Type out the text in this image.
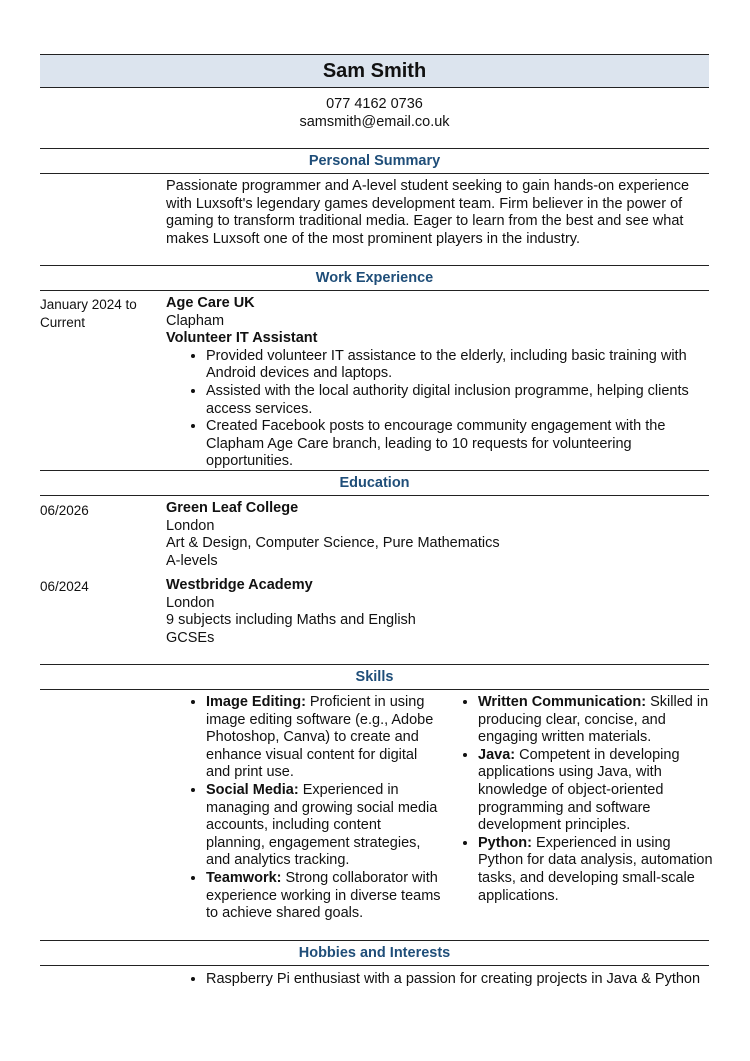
Sam Smith
077 4162 0736
samsmith@email.co.uk
Personal Summary
Passionate programmer and A-level student seeking to gain hands-on experience with Luxsoft's legendary games development team. Firm believer in the power of gaming to transform traditional media. Eager to learn from the best and see what makes Luxsoft one of the most prominent players in the industry.
Work Experience
January 2024 to Current
Age Care UK
Clapham
Volunteer IT Assistant
• Provided volunteer IT assistance to the elderly, including basic training with Android devices and laptops.
• Assisted with the local authority digital inclusion programme, helping clients access services.
• Created Facebook posts to encourage community engagement with the Clapham Age Care branch, leading to 10 requests for volunteering opportunities.
Education
06/2026	Green Leaf College
London
Art & Design, Computer Science, Pure Mathematics
A-levels
06/2024	Westbridge Academy
London
9 subjects including Maths and English
GCSEs
Skills
• Image Editing: Proficient in using image editing software (e.g., Adobe Photoshop, Canva) to create and enhance visual content for digital and print use.
• Social Media: Experienced in managing and growing social media accounts, including content planning, engagement strategies, and analytics tracking.
• Teamwork: Strong collaborator with experience working in diverse teams to achieve shared goals.
• Written Communication: Skilled in producing clear, concise, and engaging written materials.
• Java: Competent in developing applications using Java, with knowledge of object-oriented programming and software development principles.
• Python: Experienced in using Python for data analysis, automation tasks, and developing small-scale applications.
Hobbies and Interests
• Raspberry Pi enthusiast with a passion for creating projects in Java & Python
